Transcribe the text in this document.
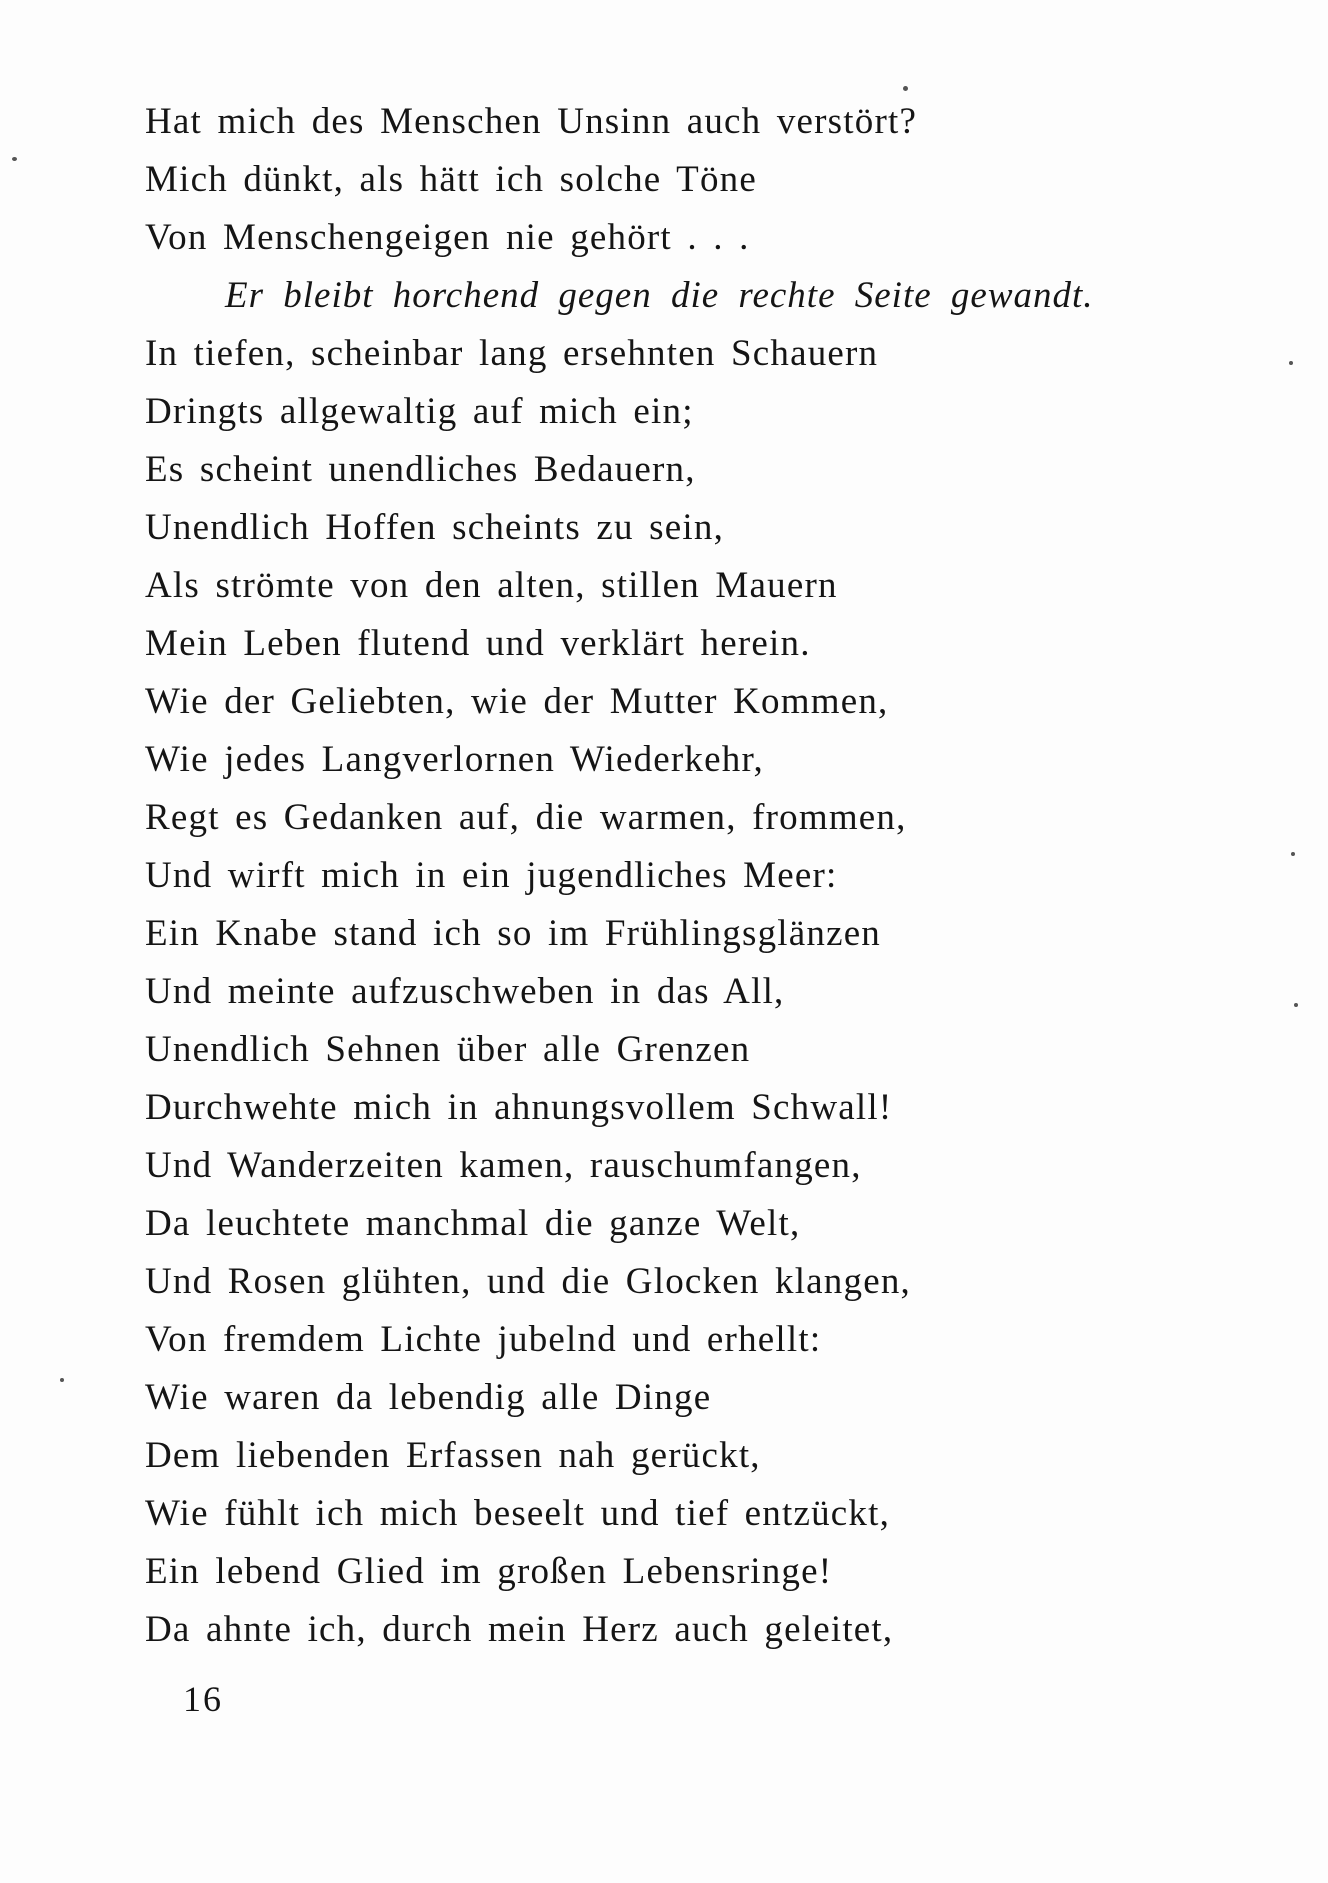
Hat mich des Menschen Unsinn auch verstört?
Mich dünkt, als hätt ich solche Töne
Von Menschengeigen nie gehört . . .
Er bleibt horchend gegen die rechte Seite gewandt.
In tiefen, scheinbar lang ersehnten Schauern
Dringts allgewaltig auf mich ein;
Es scheint unendliches Bedauern,
Unendlich Hoffen scheints zu sein,
Als strömte von den alten, stillen Mauern
Mein Leben flutend und verklärt herein.
Wie der Geliebten, wie der Mutter Kommen,
Wie jedes Langverlornen Wiederkehr,
Regt es Gedanken auf, die warmen, frommen,
Und wirft mich in ein jugendliches Meer:
Ein Knabe stand ich so im Frühlingsglänzen
Und meinte aufzuschweben in das All,
Unendlich Sehnen über alle Grenzen
Durchwehte mich in ahnungsvollem Schwall!
Und Wanderzeiten kamen, rauschumfangen,
Da leuchtete manchmal die ganze Welt,
Und Rosen glühten, und die Glocken klangen,
Von fremdem Lichte jubelnd und erhellt:
Wie waren da lebendig alle Dinge
Dem liebenden Erfassen nah gerückt,
Wie fühlt ich mich beseelt und tief entzückt,
Ein lebend Glied im großen Lebensringe!
Da ahnte ich, durch mein Herz auch geleitet,
16
